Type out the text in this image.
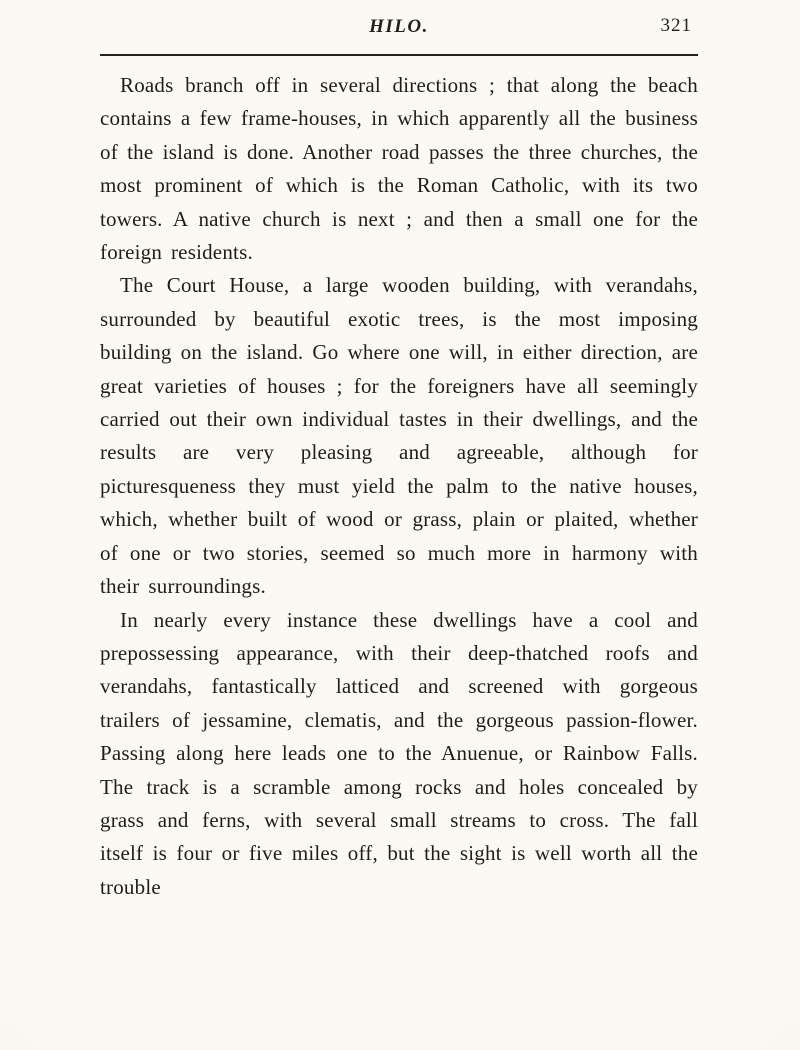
HILO.	321

Roads branch off in several directions ; that along the beach contains a few frame-houses, in which apparently all the business of the island is done. Another road passes the three churches, the most prominent of which is the Roman Catholic, with its two towers. A native church is next ; and then a small one for the foreign residents.

The Court House, a large wooden building, with verandahs, surrounded by beautiful exotic trees, is the most imposing building on the island. Go where one will, in either direction, are great varieties of houses ; for the foreigners have all seemingly carried out their own individual tastes in their dwellings, and the results are very pleasing and agreeable, although for picturesqueness they must yield the palm to the native houses, which, whether built of wood or grass, plain or plaited, whether of one or two stories, seemed so much more in harmony with their surroundings.

In nearly every instance these dwellings have a cool and prepossessing appearance, with their deep-thatched roofs and verandahs, fantastically latticed and screened with gorgeous trailers of jessamine, clematis, and the gorgeous passion-flower. Passing along here leads one to the Anuenue, or Rainbow Falls. The track is a scramble among rocks and holes concealed by grass and ferns, with several small streams to cross. The fall itself is four or five miles off, but the sight is well worth all the trouble
